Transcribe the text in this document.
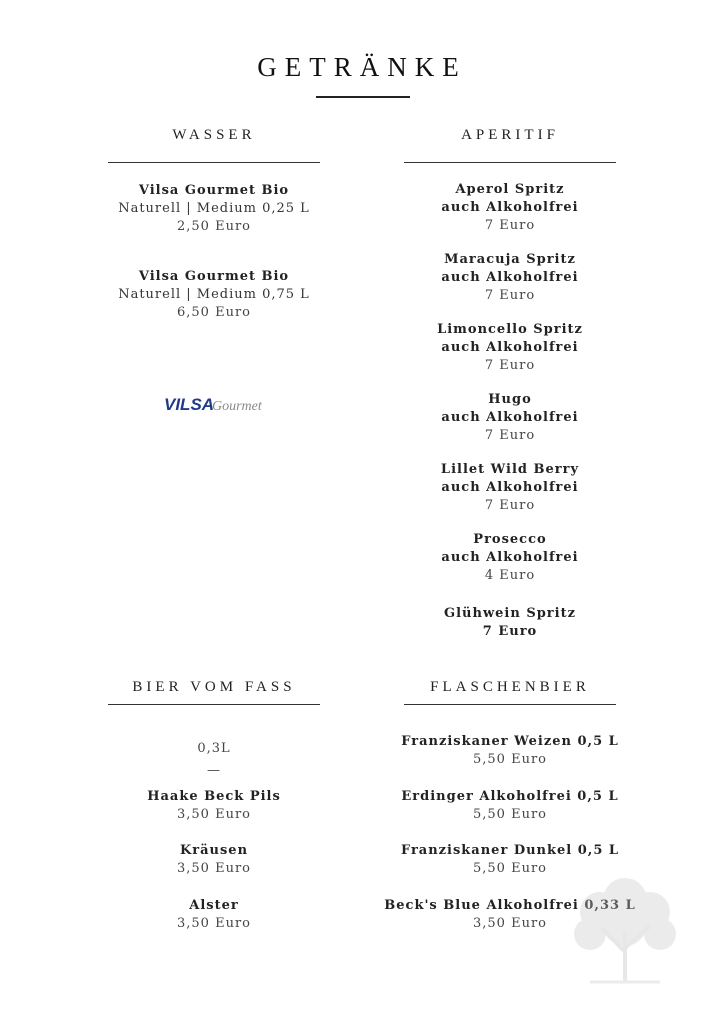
GETRÄNKE
WASSER
Vilsa Gourmet Bio
Naturell | Medium 0,25 L
2,50 Euro
Vilsa Gourmet Bio
Naturell | Medium 0,75 L
6,50 Euro
VILSA
Gourmet
APERITIF
Aperol Spritz
auch Alkoholfrei
7 Euro
Maracuja Spritz
auch Alkoholfrei
7 Euro
Limoncello Spritz
auch Alkoholfrei
7 Euro
Hugo
auch Alkoholfrei
7 Euro
Lillet Wild Berry
auch Alkoholfrei
7 Euro
Prosecco
auch Alkoholfrei
4 Euro
Glühwein Spritz
7 Euro
BIER VOM FASS
0,3L
—
Haake Beck Pils
3,50 Euro
Kräusen
3,50 Euro
Alster
3,50 Euro
FLASCHENBIER
Franziskaner Weizen 0,5 L
5,50 Euro
Erdinger Alkoholfrei 0,5 L
5,50 Euro
Franziskaner Dunkel 0,5 L
5,50 Euro
Beck's Blue Alkoholfrei 0,33 L
3,50 Euro
